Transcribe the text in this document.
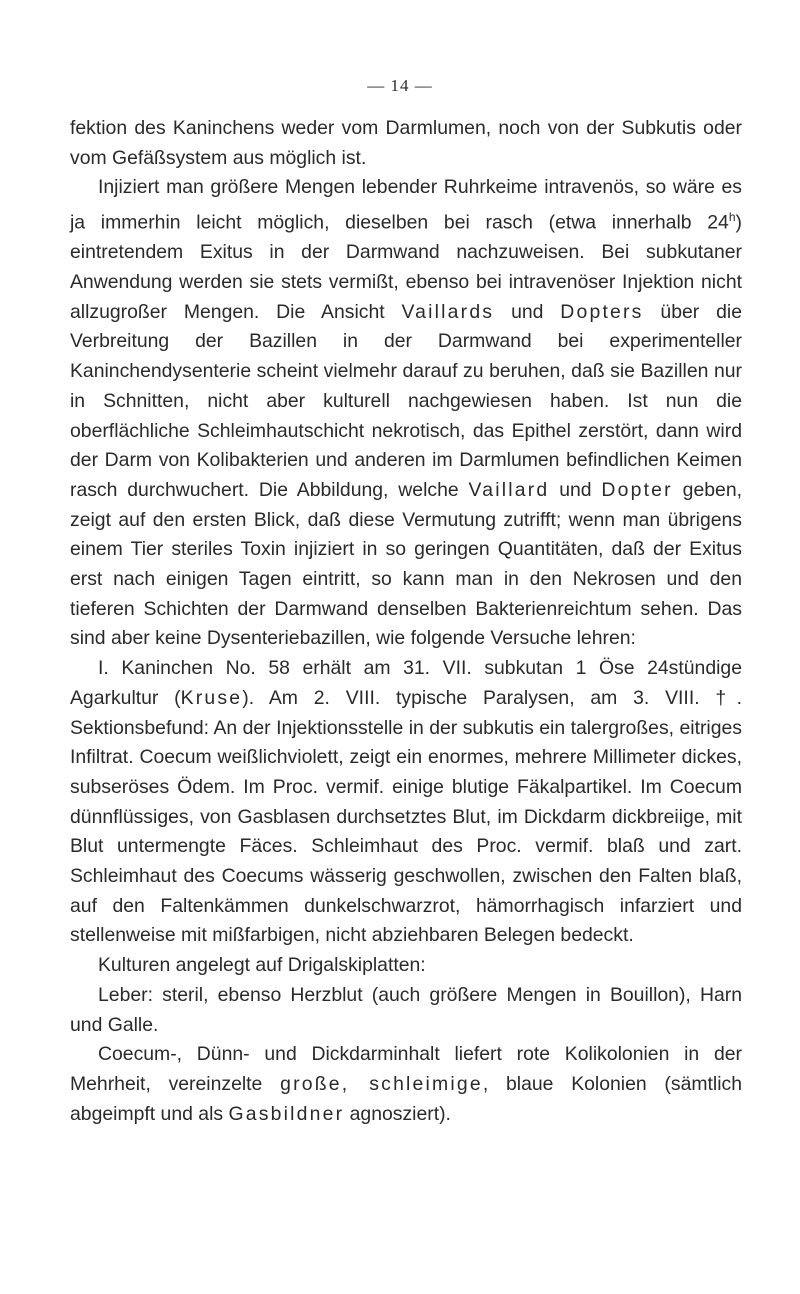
— 14 —

fektion des Kaninchens weder vom Darmlumen, noch von der Subkutis oder vom Gefäßsystem aus möglich ist.

Injiziert man größere Mengen lebender Ruhrkeime intravenös, so wäre es ja immerhin leicht möglich, dieselben bei rasch (etwa innerhalb 24$^h$) eintretendem Exitus in der Darmwand nachzuweisen. Bei subkutaner Anwendung werden sie stets vermißt, ebenso bei intravenöser Injektion nicht allzugroßer Mengen. Die Ansicht Vaillards und Dopters über die Verbreitung der Bazillen in der Darmwand bei experimenteller Kaninchendysenterie scheint vielmehr darauf zu beruhen, daß sie Bazillen nur in Schnitten, nicht aber kulturell nachgewiesen haben. Ist nun die oberflächliche Schleimhautschicht nekrotisch, das Epithel zerstört, dann wird der Darm von Kolibakterien und anderen im Darmlumen befindlichen Keimen rasch durchwuchert. Die Abbildung, welche Vaillard und Dopter geben, zeigt auf den ersten Blick, daß diese Vermutung zutrifft; wenn man übrigens einem Tier steriles Toxin injiziert in so geringen Quantitäten, daß der Exitus erst nach einigen Tagen eintritt, so kann man in den Nekrosen und den tieferen Schichten der Darmwand denselben Bakterienreichtum sehen. Das sind aber keine Dysenteriebazillen, wie folgende Versuche lehren:

I. Kaninchen No. 58 erhält am 31. VII. subkutan 1 Öse 24stündige Agarkultur (Kruse). Am 2. VIII. typische Paralysen, am 3. VIII. †. Sektionsbefund: An der Injektionsstelle in der subkutis ein talergroßes, eitriges Infiltrat. Coecum weißlichviolett, zeigt ein enormes, mehrere Millimeter dickes, subseröses Ödem. Im Proc. vermif. einige blutige Fäkalpartikel. Im Coecum dünnflüssiges, von Gasblasen durchsetztes Blut, im Dickdarm dickbreiige, mit Blut untermengte Fäces. Schleimhaut des Proc. vermif. blaß und zart. Schleimhaut des Coecums wässerig geschwollen, zwischen den Falten blaß, auf den Faltenkämmen dunkelschwarzrot, hämorrhagisch infarziert und stellenweise mit mißfarbigen, nicht abziehbaren Belegen bedeckt.

Kulturen angelegt auf Drigalskiplatten:

Leber: steril, ebenso Herzblut (auch größere Mengen in Bouillon), Harn und Galle.

Coecum-, Dünn- und Dickdarminhalt liefert rote Kolikolonien in der Mehrheit, vereinzelte große, schleimige, blaue Kolonien (sämtlich abgeimpft und als Gasbildner agnosziert).
